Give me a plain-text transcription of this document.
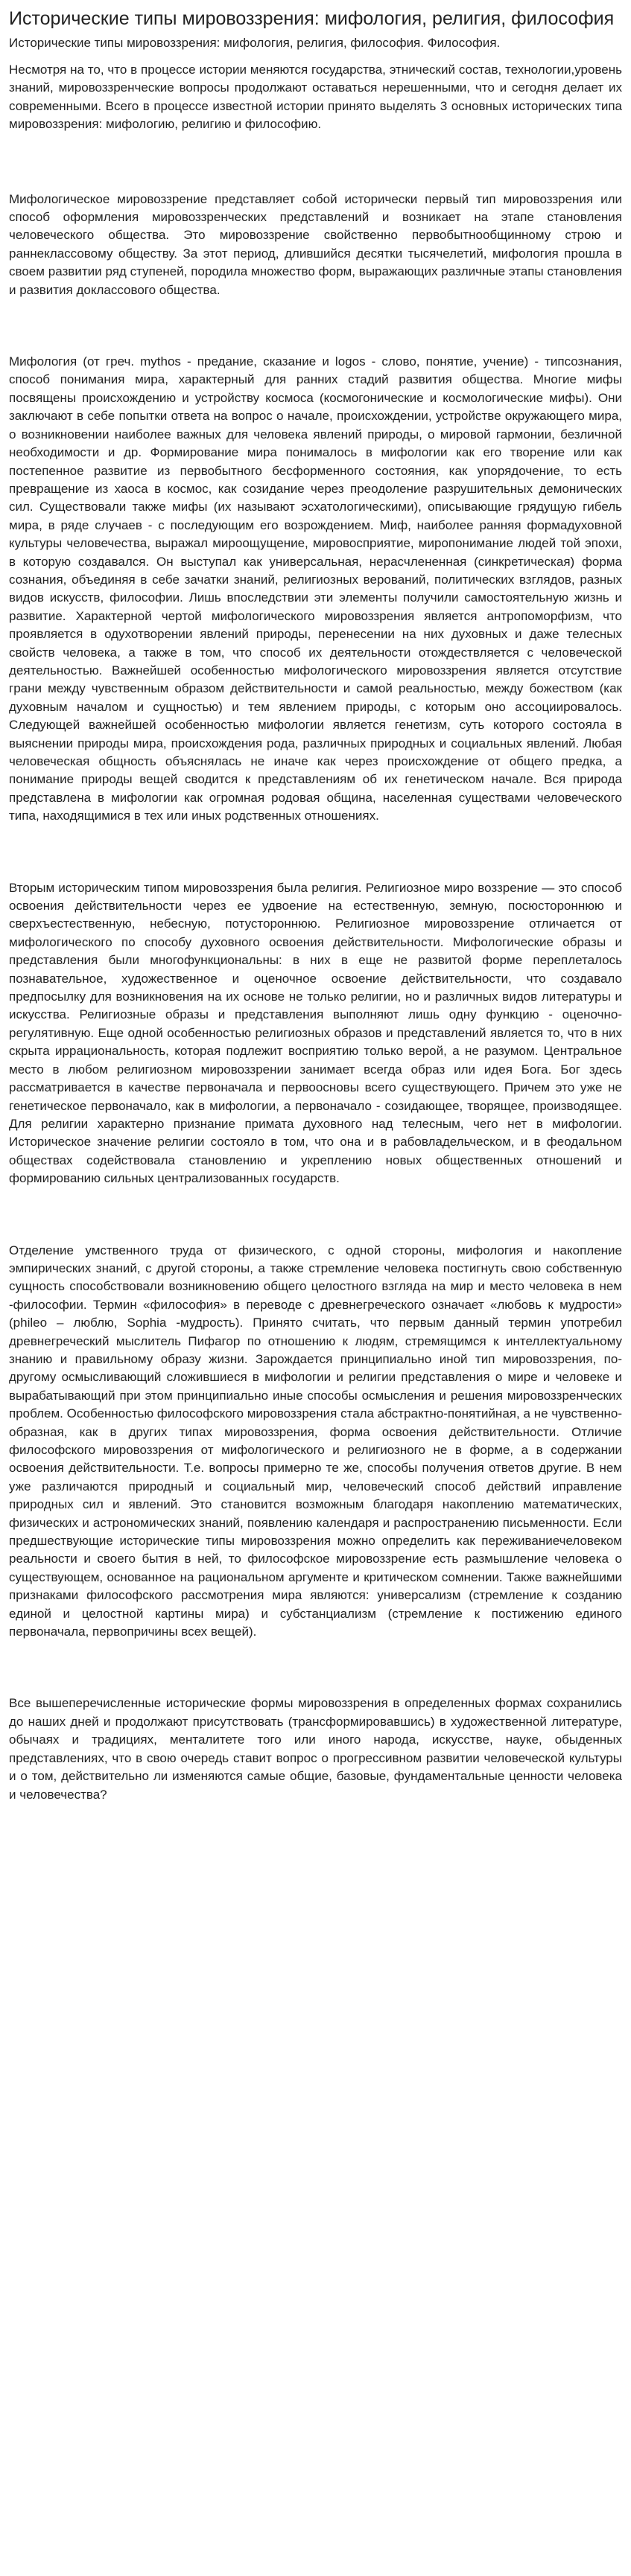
Исторические типы мировоззрения: мифология, религия, философия
Исторические типы мировоззрения: мифология, религия, философия. Философия.

Несмотря на то, что в процессе истории меняются государства, этнический состав, технологии,уровень знаний, мировоззренческие вопросы продолжают оставаться нерешенными, что и сегодня делает их современными. Всего в процессе известной истории принято выделять 3 основных исторических типа мировоззрения: мифологию, религию и философию.

Мифологическое мировоззрение представляет собой исторически первый тип мировоззрения или способ оформления мировоззренческих представлений и возникает на этапе становления человеческого общества. Это мировоззрение свойственно первобытнообщинному строю и раннеклассовому обществу. За этот период, длившийся десятки тысячелетий, мифология прошла в своем развитии ряд ступеней, породила множество форм, выражающих различные этапы становления и развития доклассового общества.

Мифология (от греч. mythos - предание, сказание и logos - слово, понятие, учение) - типсознания, способ понимания мира, характерный для ранних стадий развития общества. Многие мифы посвящены происхождению и устройству космоса (космогонические и космологические мифы). Они заключают в себе попытки ответа на вопрос о начале, происхождении, устройстве окружающего мира, о возникновении наиболее важных для человека явлений природы, о мировой гармонии, безличной необходимости и др. Формирование мира понималось в мифологии как его творение или как постепенное развитие из первобытного бесформенного состояния, как упорядочение, то есть превращение из хаоса в космос, как созидание через преодоление разрушительных демонических сил. Существовали также мифы (их называют эсхатологическими), описывающие грядущую гибель мира, в ряде случаев - с последующим его возрождением. Миф, наиболее ранняя формадуховной культуры человечества, выражал мироощущение, мировосприятие, миропонимание людей той эпохи, в которую создавался. Он выступал как универсальная, нерасчлененная (синкретическая) форма сознания, объединяя в себе зачатки знаний, религиозных верований, политических взглядов, разных видов искусств, философии. Лишь впоследствии эти элементы получили самостоятельную жизнь и развитие. Характерной чертой мифологического мировоззрения является антропоморфизм, что проявляется в одухотворении явлений природы, перенесении на них духовных и даже телесных свойств человека, а также в том, что способ их деятельности отождествляется с человеческой деятельностью. Важнейшей особенностью мифологического мировоззрения является отсутствие грани между чувственным образом действительности и самой реальностью, между божеством (как духовным началом и сущностью) и тем явлением природы, с которым оно ассоциировалось. Следующей важнейшей особенностью мифологии является генетизм, суть которого состояла в выяснении природы мира, происхождения рода, различных природных и социальных явлений. Любая человеческая общность объяснялась не иначе как через происхождение от общего предка, а понимание природы вещей сводится к представлениям об их генетическом начале. Вся природа представлена в мифологии как огромная родовая община, населенная существами человеческого типа, находящимися в тех или иных родственных отношениях.

Вторым историческим типом мировоззрения была религия. Религиозное миро воззрение — это способ освоения действительности через ее удвоение на естественную, земную, посюстороннюю и сверхъестественную, небесную, потустороннюю. Религиозное мировоззрение отличается от мифологического по способу духовного освоения действительности. Мифологические образы и представления были многофункциональны: в них в еще не развитой форме переплеталось познавательное, художественное и оценочное освоение действительности, что создавало предпосылку для возникновения на их основе не только религии, но и различных видов литературы и искусства. Религиозные образы и представления выполняют лишь одну функцию - оценочно-регулятивную. Еще одной особенностью религиозных образов и представлений является то, что в них скрыта иррациональность, которая подлежит восприятию только верой, а не разумом. Центральное место в любом религиозном мировоззрении занимает всегда образ или идея Бога. Бог здесь рассматривается в качестве первоначала и первоосновы всего существующего. Причем это уже не генетическое первоначало, как в мифологии, а первоначало - созидающее, творящее, производящее. Для религии характерно признание примата духовного над телесным, чего нет в мифологии. Историческое значение религии состояло в том, что она и в рабовладельческом, и в феодальном обществах содействовала становлению и укреплению новых общественных отношений и формированию сильных централизованных государств.

Отделение умственного труда от физического, с одной стороны, мифология и накопление эмпирических знаний, с другой стороны, а также стремление человека постигнуть свою собственную сущность способствовали возникновению общего целостного взгляда на мир и место человека в нем -философии. Термин «философия» в переводе с древнегреческого означает «любовь к мудрости» (phileo – люблю, Sophia -мудрость). Принято считать, что первым данный термин употребил древнегреческий мыслитель Пифагор по отношению к людям, стремящимся к интеллектуальному знанию и правильному образу жизни. Зарождается принципиально иной тип мировоззрения, по-другому осмысливающий сложившиеся в мифологии и религии представления о мире и человеке и вырабатывающий при этом принципиально иные способы осмысления и решения мировоззренческих проблем. Особенностью философского мировоззрения стала абстрактно-понятийная, а не чувственно-образная, как в других типах мировоззрения, форма освоения действительности. Отличие философского мировоззрения от мифологического и религиозного не в форме, а в содержании освоения действительности. Т.е. вопросы примерно те же, способы получения ответов другие. В нем уже различаются природный и социальный мир, человеческий способ действий иправление природных сил и явлений. Это становится возможным благодаря накоплению математических, физических и астрономических знаний, появлению календаря и распространению письменности. Если предшествующие исторические типы мировоззрения можно определить как переживаниечеловеком реальности и своего бытия в ней, то философское мировоззрение есть размышление человека о существующем, основанное на рациональном аргументе и критическом сомнении. Также важнейшими признаками философского рассмотрения мира являются: универсализм (стремление к созданию единой и целостной картины мира) и субстанциализм (стремление к постижению единого первоначала, первопричины всех вещей).

Все вышеперечисленные исторические формы мировоззрения в определенных формах сохранились до наших дней и продолжают присутствовать (трансформировавшись) в художественной литературе, обычаях и традициях, менталитете того или иного народа, искусстве, науке, обыденных представлениях, что в свою очередь ставит вопрос о прогрессивном развитии человеческой культуры и о том, действительно ли изменяются самые общие, базовые, фундаментальные ценности человека и человечества?
